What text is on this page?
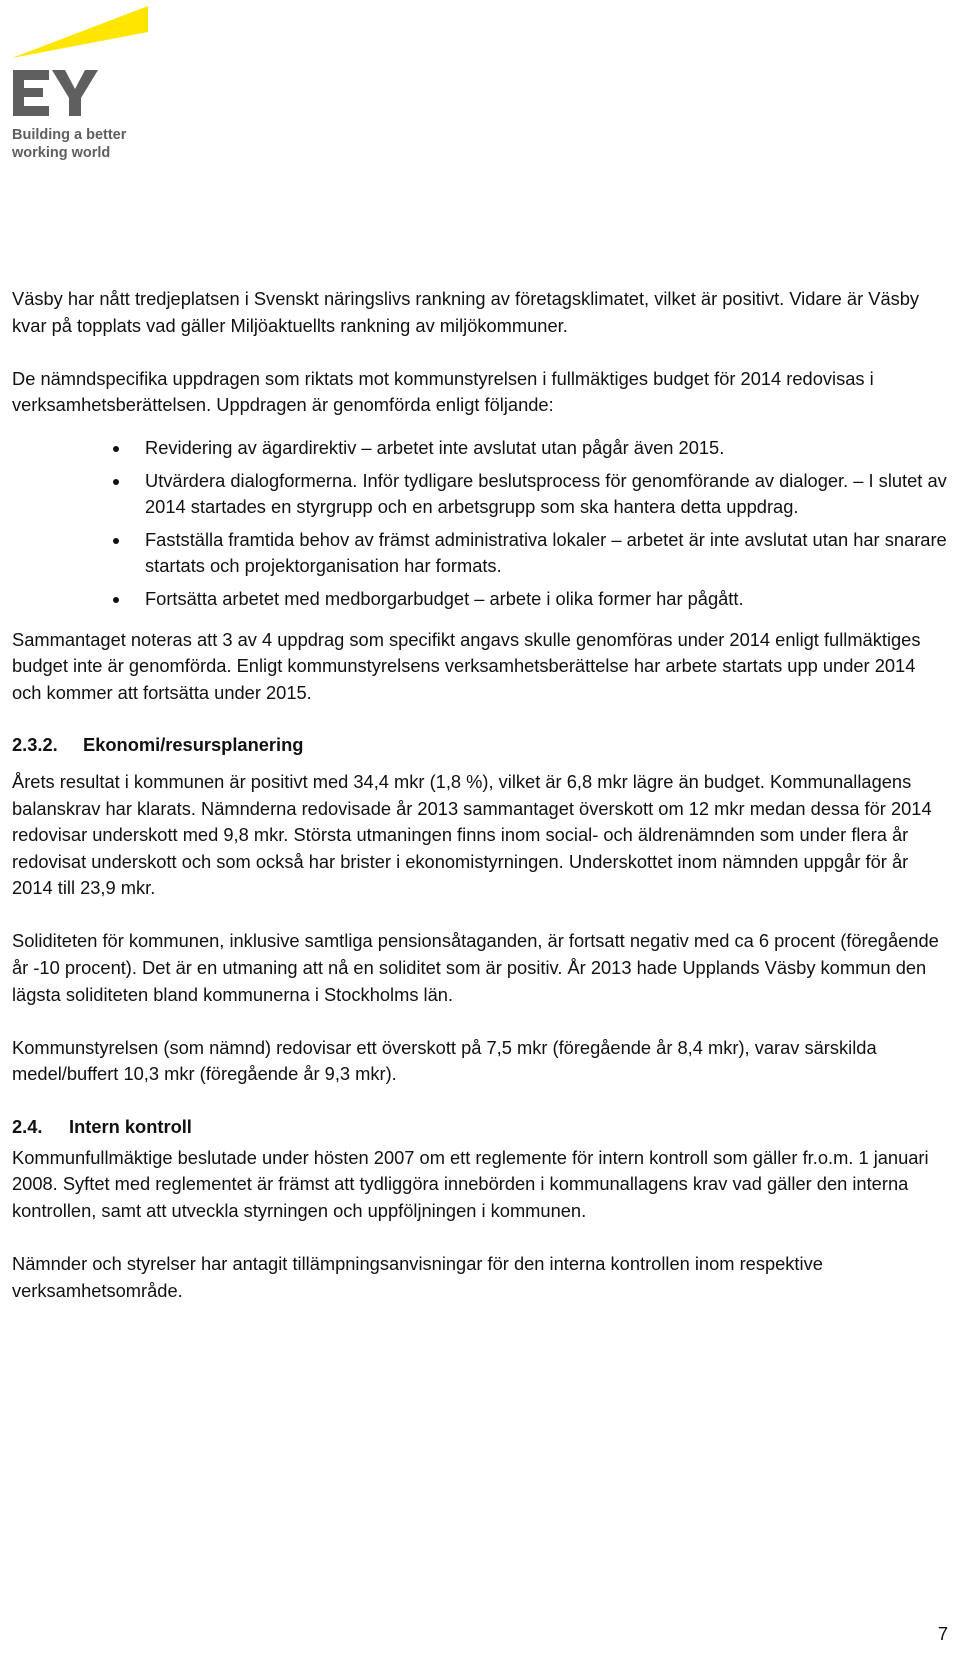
Building a better
working world

Väsby har nått tredjeplatsen i Svenskt näringslivs rankning av företagsklimatet, vilket är positivt. Vidare är Väsby kvar på topplats vad gäller Miljöaktuellts rankning av miljökommuner.

De nämndspecifika uppdragen som riktats mot kommunstyrelsen i fullmäktiges budget för 2014 redovisas i verksamhetsberättelsen. Uppdragen är genomförda enligt följande:

Revidering av ägardirektiv – arbetet inte avslutat utan pågår även 2015.
Utvärdera dialogformerna. Inför tydligare beslutsprocess för genomförande av dialoger. – I slutet av 2014 startades en styrgrupp och en arbetsgrupp som ska hantera detta uppdrag.
Fastställa framtida behov av främst administrativa lokaler – arbetet är inte avslutat utan har snarare startats och projektorganisation har formats.
Fortsätta arbetet med medborgarbudget – arbete i olika former har pågått.

Sammantaget noteras att 3 av 4 uppdrag som specifikt angavs skulle genomföras under 2014 enligt fullmäktiges budget inte är genomförda. Enligt kommunstyrelsens verksamhetsberättelse har arbete startats upp under 2014 och kommer att fortsätta under 2015.

2.3.2. Ekonomi/resursplanering

Årets resultat i kommunen är positivt med 34,4 mkr (1,8 %), vilket är 6,8 mkr lägre än budget. Kommunallagens balanskrav har klarats. Nämnderna redovisade år 2013 sammantaget överskott om 12 mkr medan dessa för 2014 redovisar underskott med 9,8 mkr. Största utmaningen finns inom social- och äldrenämnden som under flera år redovisat underskott och som också har brister i ekonomistyrningen. Underskottet inom nämnden uppgår för år 2014 till 23,9 mkr.

Soliditeten för kommunen, inklusive samtliga pensionsåtaganden, är fortsatt negativ med ca 6 procent (föregående år -10 procent). Det är en utmaning att nå en soliditet som är positiv. År 2013 hade Upplands Väsby kommun den lägsta soliditeten bland kommunerna i Stockholms län.

Kommunstyrelsen (som nämnd) redovisar ett överskott på 7,5 mkr (föregående år 8,4 mkr), varav särskilda medel/buffert 10,3 mkr (föregående år 9,3 mkr).

2.4. Intern kontroll

Kommunfullmäktige beslutade under hösten 2007 om ett reglemente för intern kontroll som gäller fr.o.m. 1 januari 2008. Syftet med reglementet är främst att tydliggöra innebörden i kommunallagens krav vad gäller den interna kontrollen, samt att utveckla styrningen och uppföljningen i kommunen.

Nämnder och styrelser har antagit tillämpningsanvisningar för den interna kontrollen inom respektive verksamhetsområde.

7
